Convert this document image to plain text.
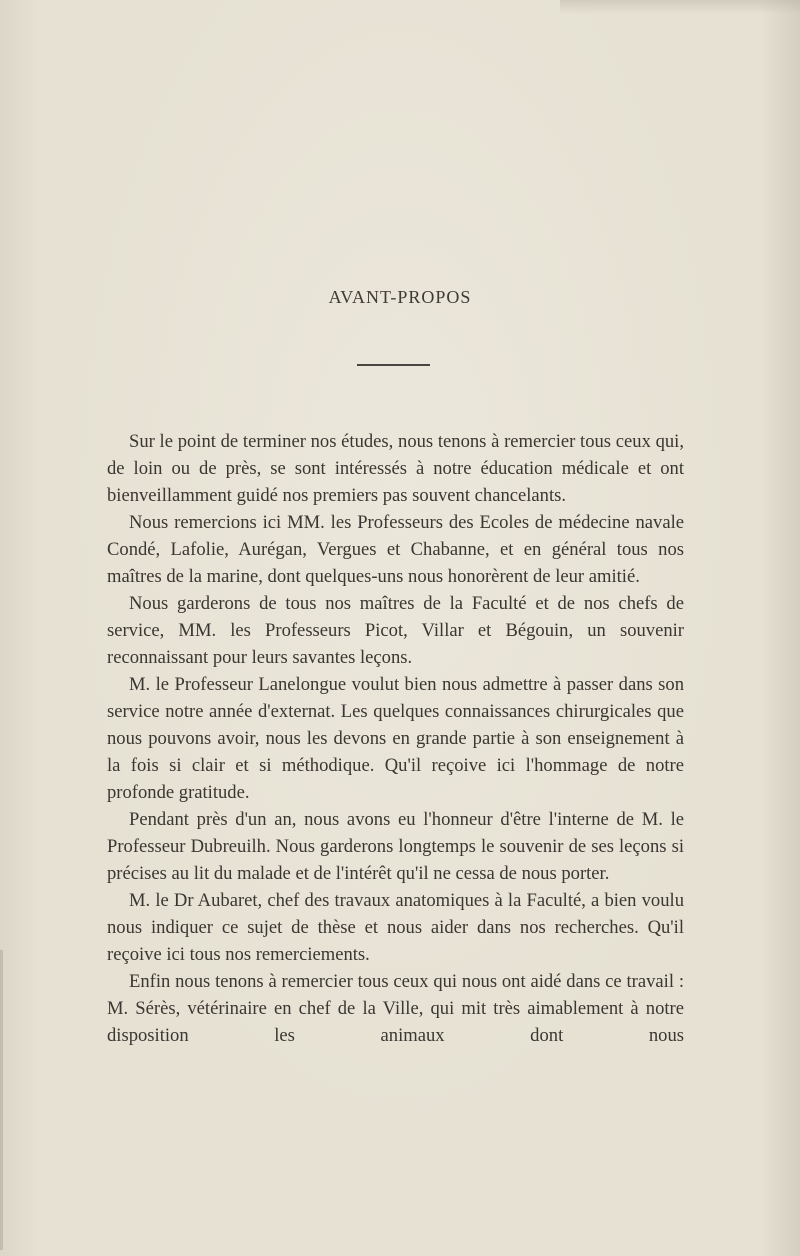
AVANT-PROPOS

Sur le point de terminer nos études, nous tenons à remercier tous ceux qui, de loin ou de près, se sont intéressés à notre éducation médicale et ont bienveillamment guidé nos premiers pas souvent chancelants.

Nous remercions ici MM. les Professeurs des Ecoles de médecine navale Condé, Lafolie, Aurégan, Vergues et Chabanne, et en général tous nos maîtres de la marine, dont quelques-uns nous honorèrent de leur amitié.

Nous garderons de tous nos maîtres de la Faculté et de nos chefs de service, MM. les Professeurs Picot, Villar et Bégouin, un souvenir reconnaissant pour leurs savantes leçons.

M. le Professeur Lanelongue voulut bien nous admettre à passer dans son service notre année d'externat. Les quelques connaissances chirurgicales que nous pouvons avoir, nous les devons en grande partie à son enseignement à la fois si clair et si méthodique. Qu'il reçoive ici l'hommage de notre profonde gratitude.

Pendant près d'un an, nous avons eu l'honneur d'être l'interne de M. le Professeur Dubreuilh. Nous garderons longtemps le souvenir de ses leçons si précises au lit du malade et de l'intérêt qu'il ne cessa de nous porter.

M. le Dr Aubaret, chef des travaux anatomiques à la Faculté, a bien voulu nous indiquer ce sujet de thèse et nous aider dans nos recherches. Qu'il reçoive ici tous nos remerciements.

Enfin nous tenons à remercier tous ceux qui nous ont aidé dans ce travail : M. Sérès, vétérinaire en chef de la Ville, qui mit très aimablement à notre disposition les animaux dont nous
